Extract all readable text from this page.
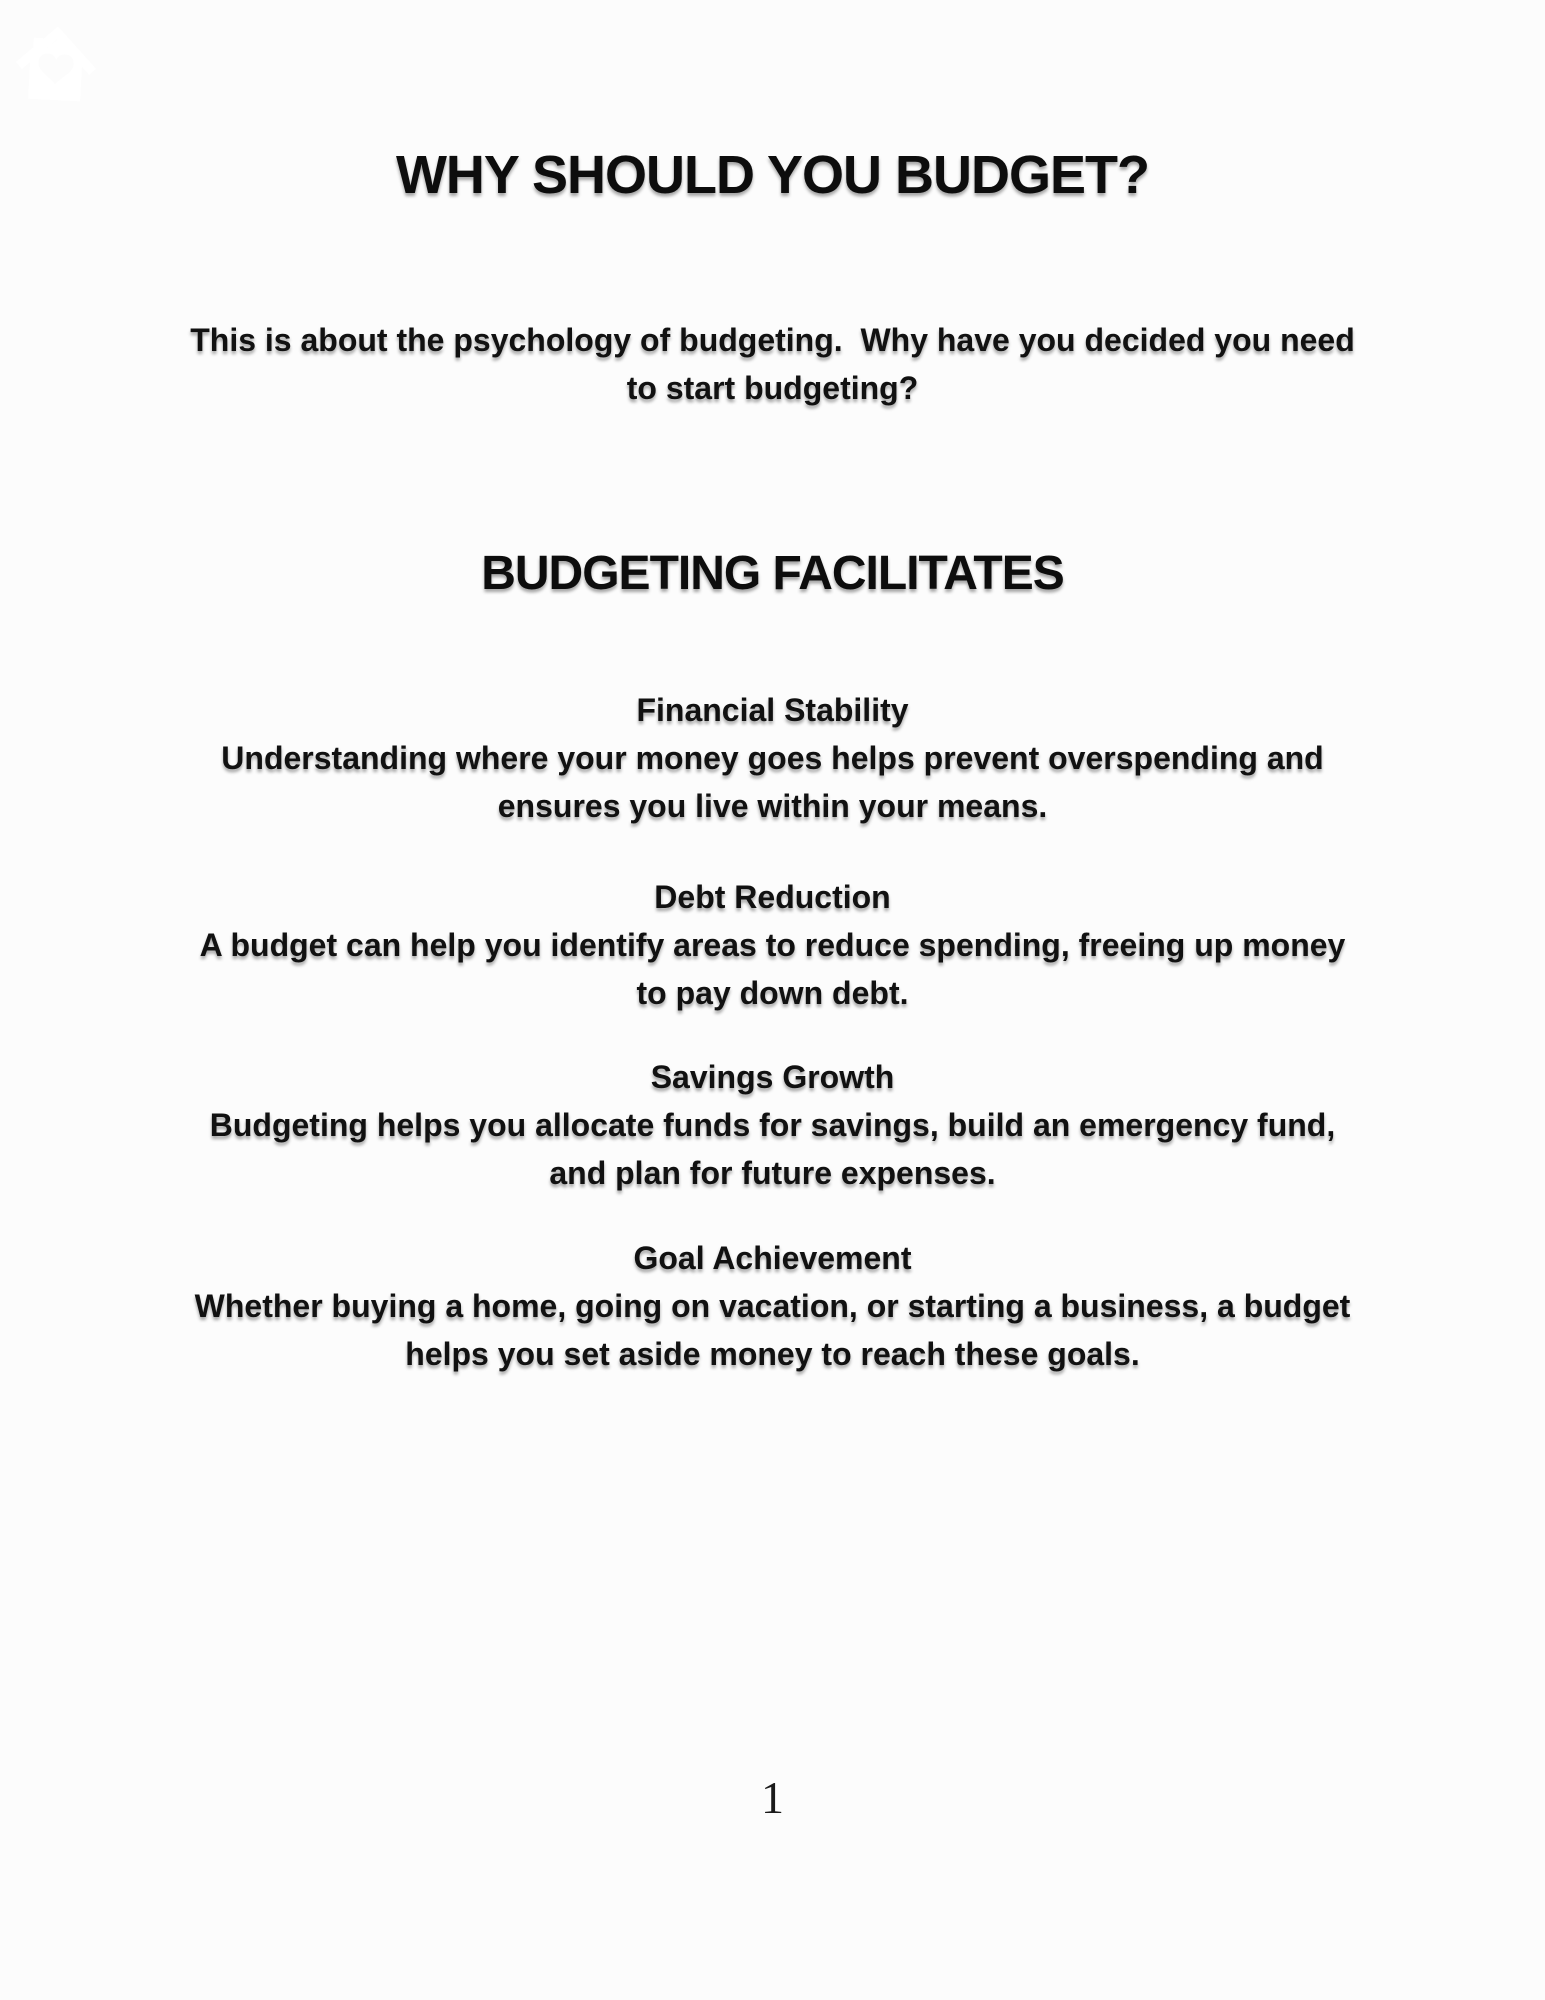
WHY SHOULD YOU BUDGET?
This is about the psychology of budgeting.  Why have you decided you need
to start budgeting?
BUDGETING FACILITATES
Financial Stability
Understanding where your money goes helps prevent overspending and
ensures you live within your means.
Debt Reduction
A budget can help you identify areas to reduce spending, freeing up money
to pay down debt.
Savings Growth
Budgeting helps you allocate funds for savings, build an emergency fund,
and plan for future expenses.
Goal Achievement
Whether buying a home, going on vacation, or starting a business, a budget
helps you set aside money to reach these goals.
1
